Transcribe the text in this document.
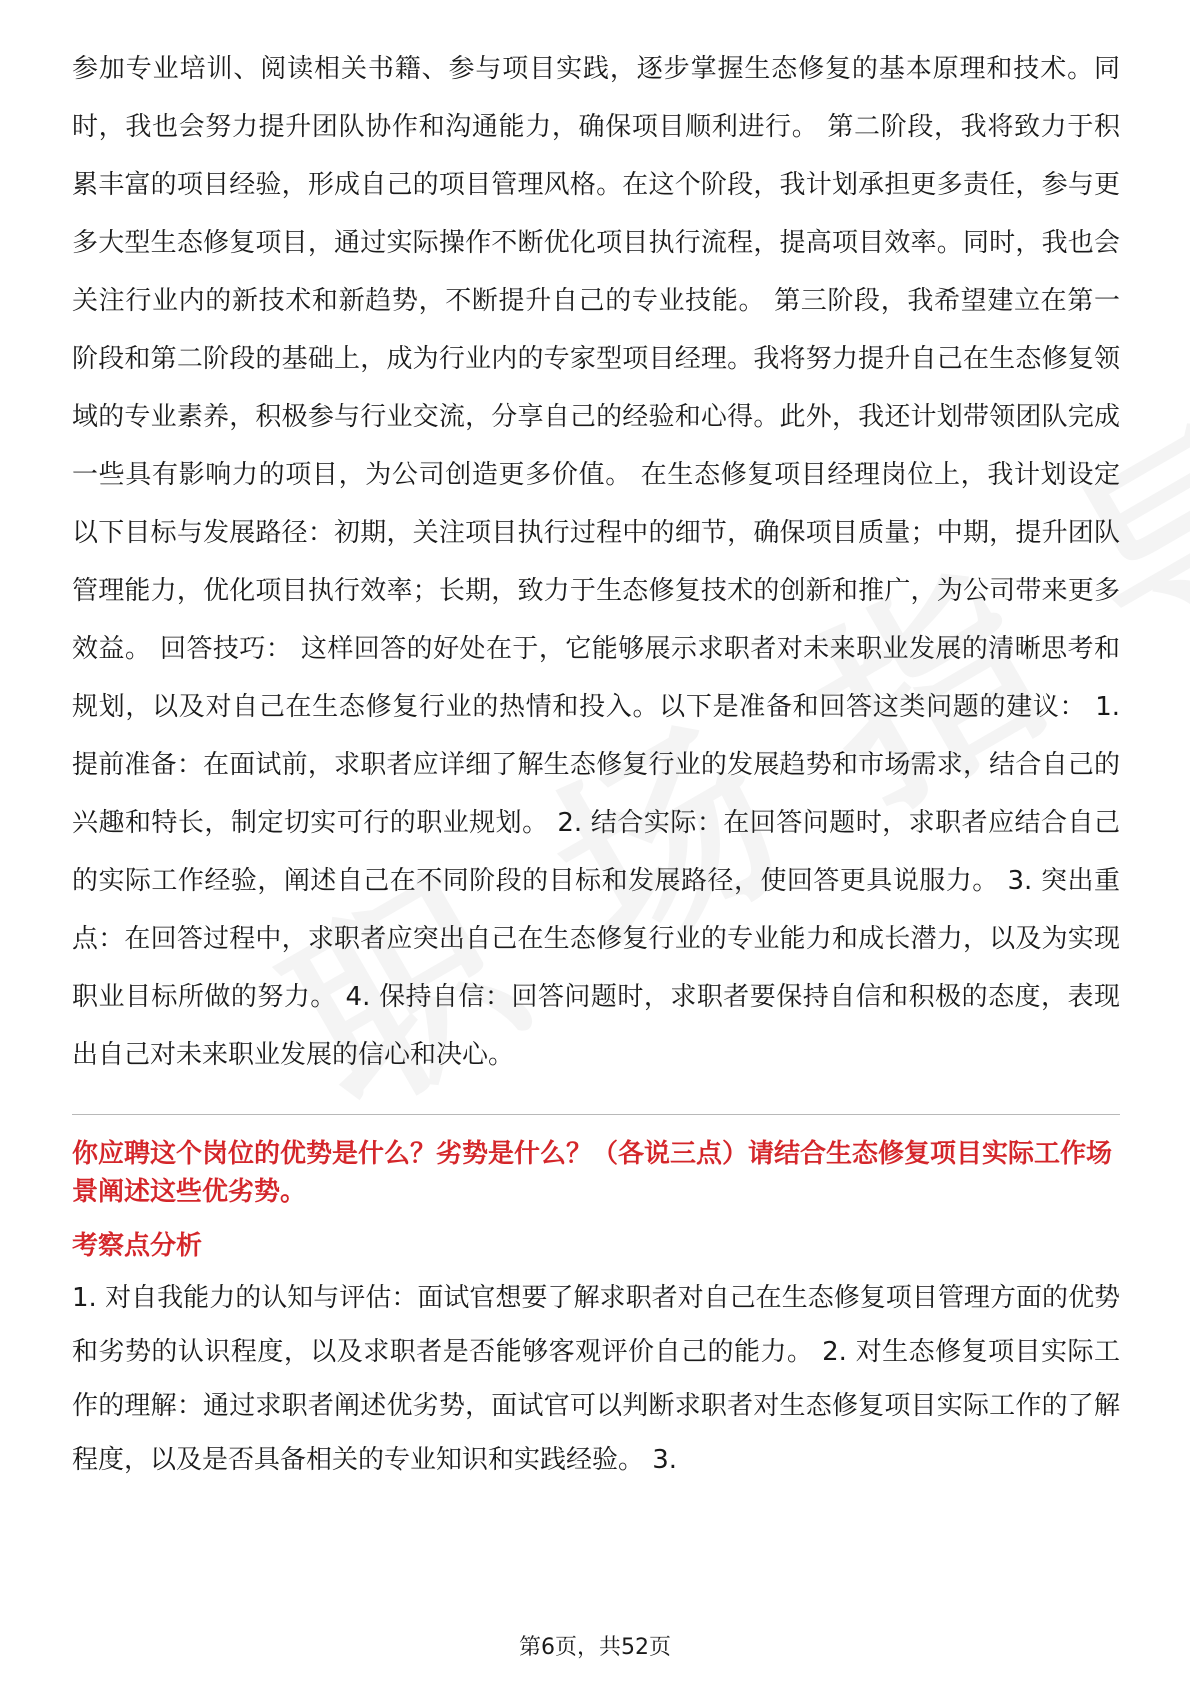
参加专业培训、阅读相关书籍、参与项目实践，逐步掌握生态修复的基本原理和技术。同时，我也会努力提升团队协作和沟通能力，确保项目顺利进行。 第二阶段，我将致力于积累丰富的项目经验，形成自己的项目管理风格。在这个阶段，我计划承担更多责任，参与更多大型生态修复项目，通过实际操作不断优化项目执行流程，提高项目效率。同时，我也会关注行业内的新技术和新趋势，不断提升自己的专业技能。 第三阶段，我希望建立在第一阶段和第二阶段的基础上，成为行业内的专家型项目经理。我将努力提升自己在生态修复领域的专业素养，积极参与行业交流，分享自己的经验和心得。此外，我还计划带领团队完成一些具有影响力的项目，为公司创造更多价值。 在生态修复项目经理岗位上，我计划设定以下目标与发展路径：初期，关注项目执行过程中的细节，确保项目质量；中期，提升团队管理能力，优化项目执行效率；长期，致力于生态修复技术的创新和推广，为公司带来更多效益。 回答技巧： 这样回答的好处在于，它能够展示求职者对未来职业发展的清晰思考和规划，以及对自己在生态修复行业的热情和投入。以下是准备和回答这类问题的建议： 1. 提前准备：在面试前，求职者应详细了解生态修复行业的发展趋势和市场需求，结合自己的兴趣和特长，制定切实可行的职业规划。 2. 结合实际：在回答问题时，求职者应结合自己的实际工作经验，阐述自己在不同阶段的目标和发展路径，使回答更具说服力。 3. 突出重点：在回答过程中，求职者应突出自己在生态修复行业的专业能力和成长潜力，以及为实现职业目标所做的努力。 4. 保持自信：回答问题时，求职者要保持自信和积极的态度，表现出自己对未来职业发展的信心和决心。

你应聘这个岗位的优势是什么？劣势是什么？（各说三点）请结合生态修复项目实际工作场景阐述这些优劣势。

考察点分析

1. 对自我能力的认知与评估：面试官想要了解求职者对自己在生态修复项目管理方面的优势和劣势的认识程度，以及求职者是否能够客观评价自己的能力。 2. 对生态修复项目实际工作的理解：通过求职者阐述优劣势，面试官可以判断求职者对生态修复项目实际工作的了解程度，以及是否具备相关的专业知识和实践经验。 3.

第6页，共52页
